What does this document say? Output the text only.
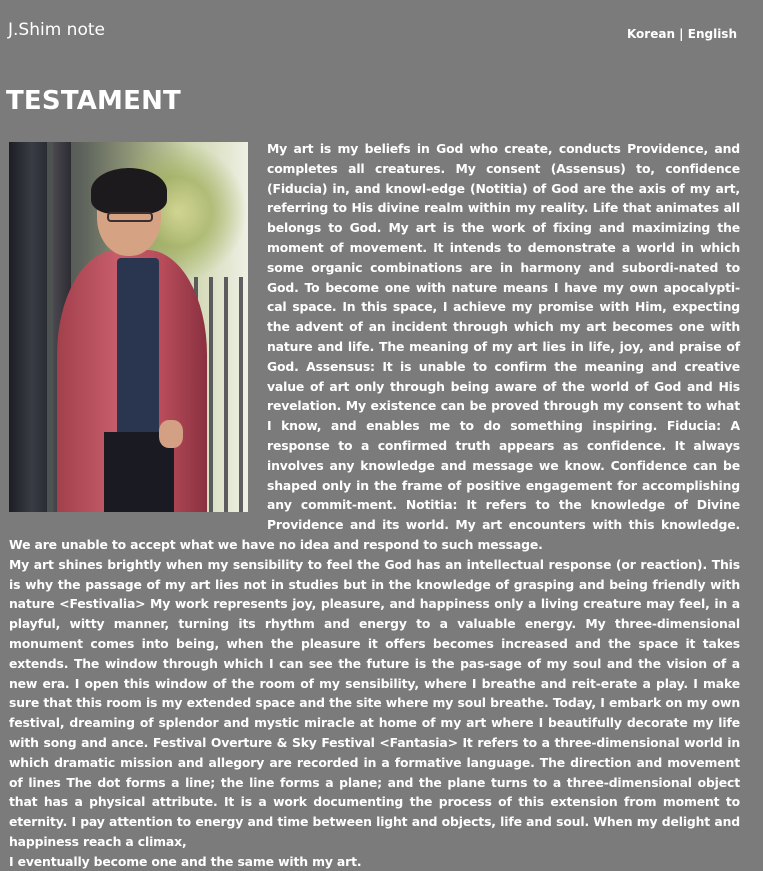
J.Shim note	Korean | English
TESTAMENT

My art is my beliefs in God who create, conducts Providence, and completes all creatures. My consent (Assensus) to, confidence (Fiducia) in, and knowl-edge (Notitia) of God are the axis of my art, referring to His divine realm within my reality. Life that animates all belongs to God. My art is the work of fixing and maximizing the moment of movement. It intends to demonstrate a world in which some organic combinations are in harmony and subordi-nated to God. To become one with nature means I have my own apocalypti-cal space. In this space, I achieve my promise with Him, expecting the advent of an incident through which my art becomes one with nature and life. The meaning of my art lies in life, joy, and praise of God. Assensus: It is unable to confirm the meaning and creative value of art only through being aware of the world of God and His revelation. My existence can be proved through my consent to what I know, and enables me to do something inspiring. Fiducia: A response to a confirmed truth appears as confidence. It always involves any knowledge and message we know. Confidence can be shaped only in the frame of positive engagement for accomplishing any commit-ment. Notitia: It refers to the knowledge of Divine Providence and its world. My art encounters with this knowledge. We are unable to accept what we have no idea and respond to such message.

My art shines brightly when my sensibility to feel the God has an intellectual response (or reaction). This is why the passage of my art lies not in studies but in the knowledge of grasping and being friendly with nature <Festivalia> My work represents joy, pleasure, and happiness only a living creature may feel, in a playful, witty manner, turning its rhythm and energy to a valuable energy. My three-dimensional monument comes into being, when the pleasure it offers becomes increased and the space it takes extends. The window through which I can see the future is the pas-sage of my soul and the vision of a new era. I open this window of the room of my sensibility, where I breathe and reit-erate a play. I make sure that this room is my extended space and the site where my soul breathe. Today, I embark on my own festival, dreaming of splendor and mystic miracle at home of my art where I beautifully decorate my life with song and ance. Festival Overture & Sky Festival <Fantasia> It refers to a three-dimensional world in which dramatic mission and allegory are recorded in a formative language. The direction and movement of lines The dot forms a line; the line forms a plane; and the plane turns to a three-dimensional object that has a physical attribute. It is a work documenting the process of this extension from moment to eternity. I pay attention to energy and time between light and objects, life and soul. When my delight and happiness reach a climax,

I eventually become one and the same with my art.
